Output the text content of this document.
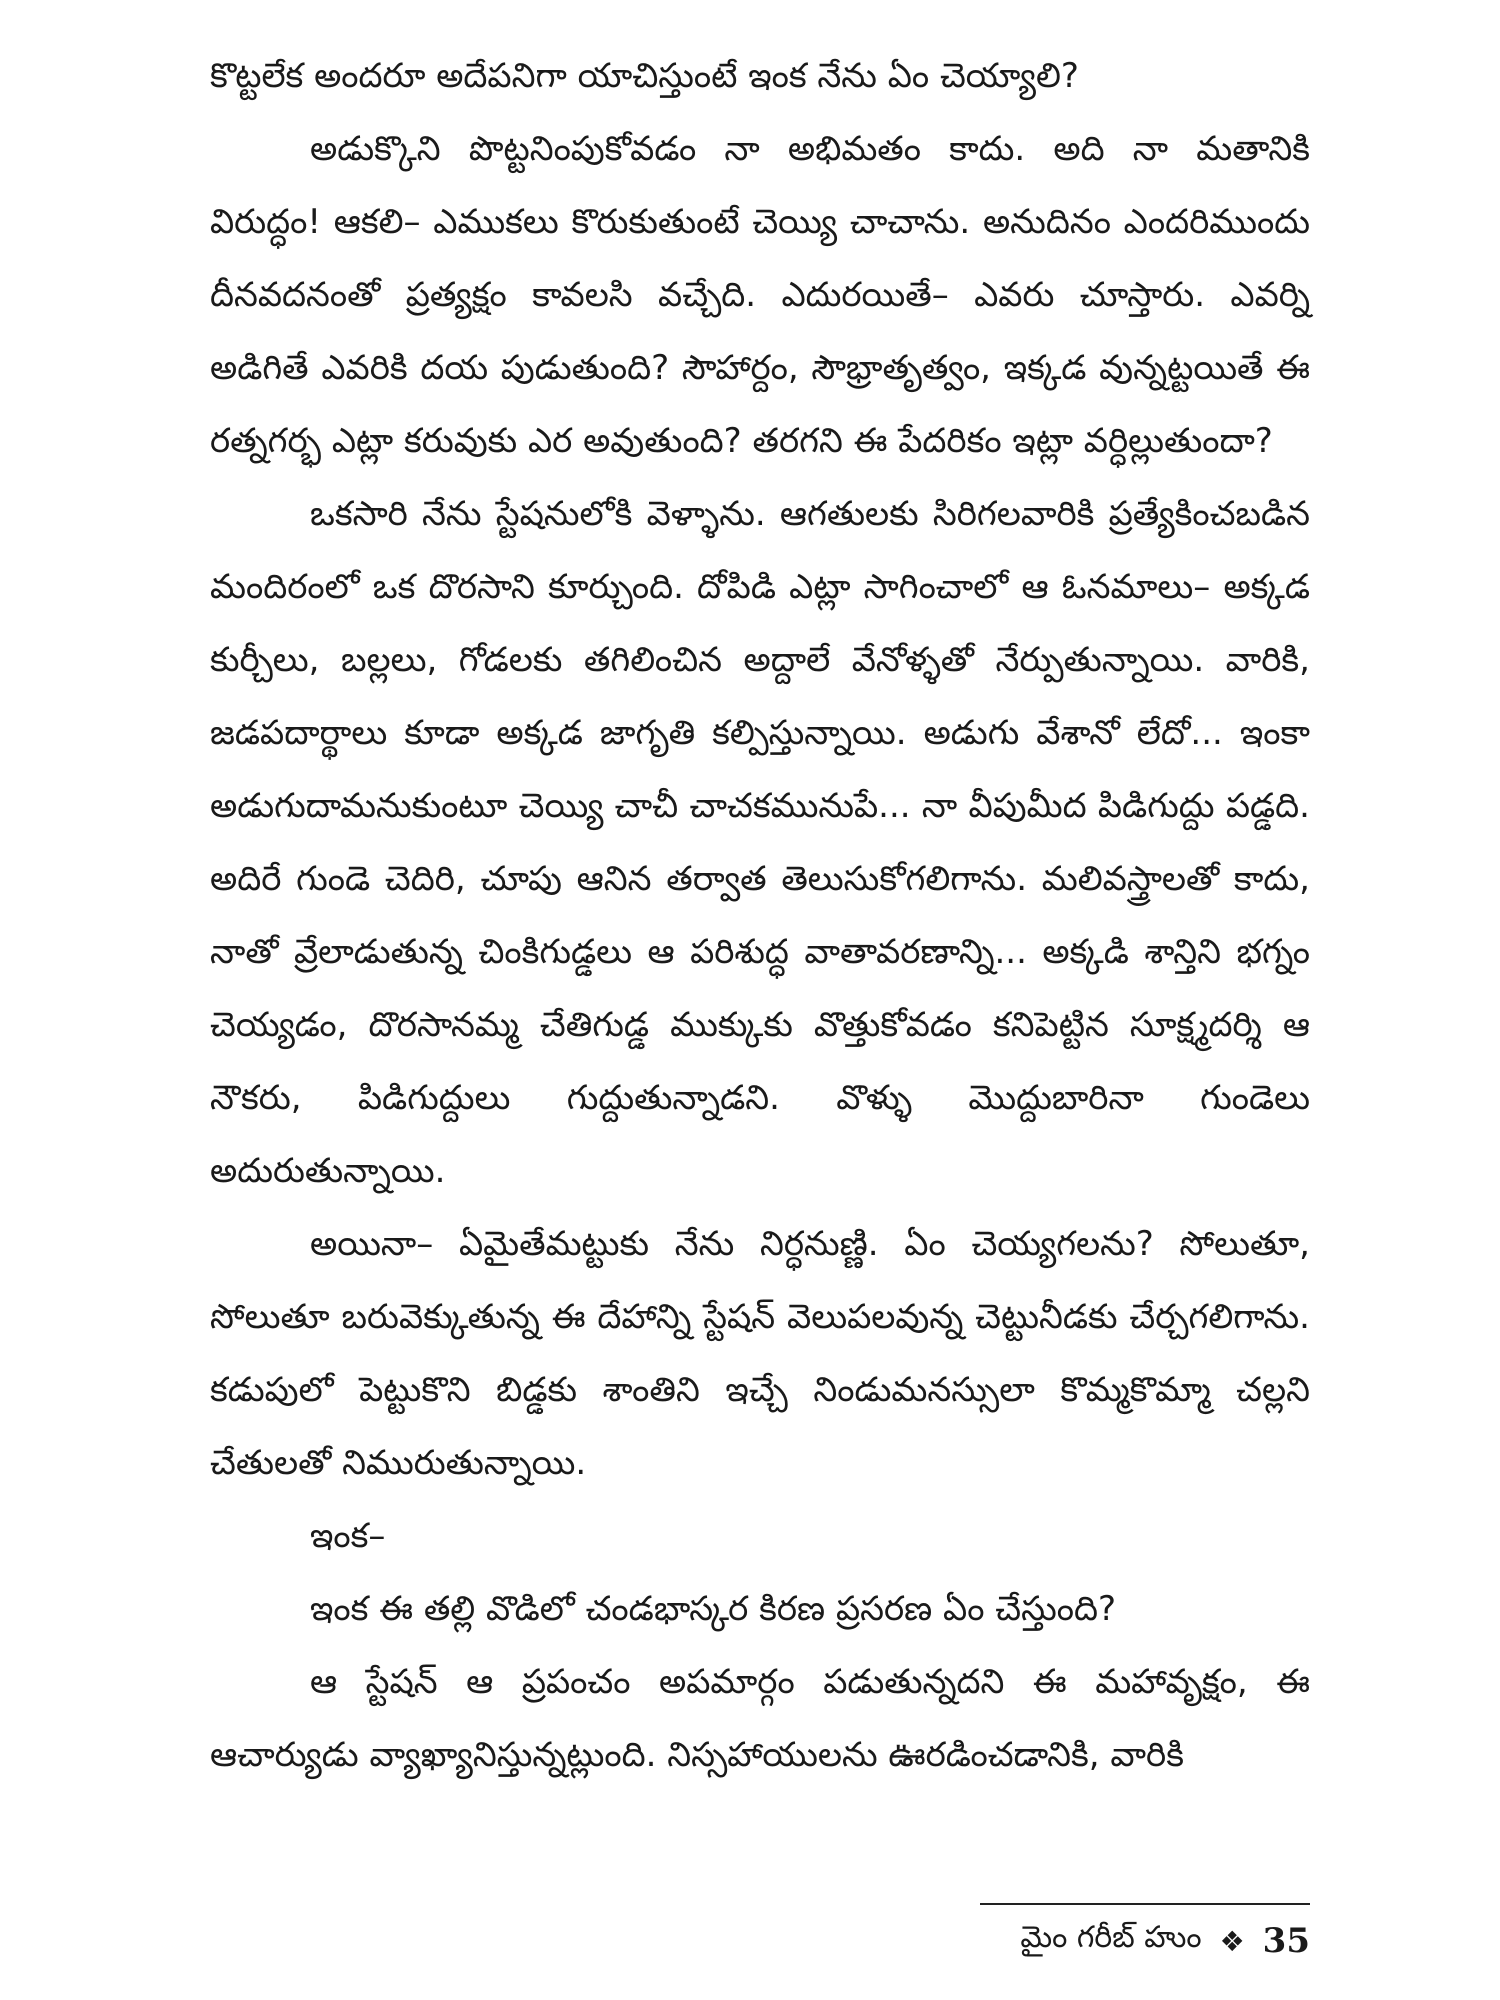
కొట్టలేక అందరూ అదేపనిగా యాచిస్తుంటే ఇంక నేను ఏం చెయ్యాలి?

అడుక్కొని పొట్టనింపుకోవడం నా అభిమతం కాదు. అది నా మతానికి విరుద్ధం! ఆకలి– ఎముకలు కొరుకుతుంటే చెయ్యి చాచాను. అనుదినం ఎందరిముందు దీనవదనంతో ప్రత్యక్షం కావలసి వచ్చేది. ఎదురయితే– ఎవరు చూస్తారు. ఎవర్ని అడిగితే ఎవరికి దయ పుడుతుంది? సౌహార్దం, సౌభ్రాతృత్వం, ఇక్కడ వున్నట్టయితే ఈ రత్నగర్భ ఎట్లా కరువుకు ఎర అవుతుంది? తరగని ఈ పేదరికం ఇట్లా వర్ధిల్లుతుందా?

ఒకసారి నేను స్టేషనులోకి వెళ్ళాను. ఆగతులకు సిరిగలవారికి ప్రత్యేకించబడిన మందిరంలో ఒక దొరసాని కూర్చుంది. దోపిడి ఎట్లా సాగించాలో ఆ ఓనమాలు– అక్కడ కుర్చీలు, బల్లలు, గోడలకు తగిలించిన అద్దాలే వేనోళ్ళతో నేర్పుతున్నాయి. వారికి, జడపదార్థాలు కూడా అక్కడ జాగృతి కల్పిస్తున్నాయి. అడుగు వేశానో లేదో... ఇంకా అడుగుదామనుకుంటూ చెయ్యి చాచీ చాచకమునుపే... నా వీపుమీద పిడిగుద్దు పడ్డది. అదిరే గుండె చెదిరి, చూపు ఆనిన తర్వాత తెలుసుకోగలిగాను. మలివస్త్రాలతో కాదు, నాతో వ్రేలాడుతున్న చింకిగుడ్డలు ఆ పరిశుద్ధ వాతావరణాన్ని... అక్కడి శాన్తిని భగ్నం చెయ్యడం, దొరసానమ్మ చేతిగుడ్డ ముక్కుకు వొత్తుకోవడం కనిపెట్టిన సూక్ష్మదర్శి ఆ నౌకరు, పిడిగుద్దులు గుద్దుతున్నాడని. వొళ్ళు మొద్దుబారినా గుండెలు అదురుతున్నాయి.

అయినా– ఏమైతేమట్టుకు నేను నిర్ధనుణ్ణి. ఏం చెయ్యగలను? సోలుతూ, సోలుతూ బరువెక్కుతున్న ఈ దేహాన్ని స్టేషన్ వెలుపలవున్న చెట్టునీడకు చేర్చగలిగాను. కడుపులో పెట్టుకొని బిడ్డకు శాంతిని ఇచ్చే నిండుమనస్సులా కొమ్మకొమ్మా చల్లని చేతులతో నిమురుతున్నాయి.

ఇంక–

ఇంక ఈ తల్లి వొడిలో చండభాస్కర కిరణ ప్రసరణ ఏం చేస్తుంది?

ఆ స్టేషన్ ఆ ప్రపంచం అపమార్గం పడుతున్నదని ఈ మహావృక్షం, ఈ ఆచార్యుడు వ్యాఖ్యానిస్తున్నట్లుంది. నిస్సహాయులను ఊరడించడానికి, వారికి

మైం గరీబ్ హుం ❖ 35
